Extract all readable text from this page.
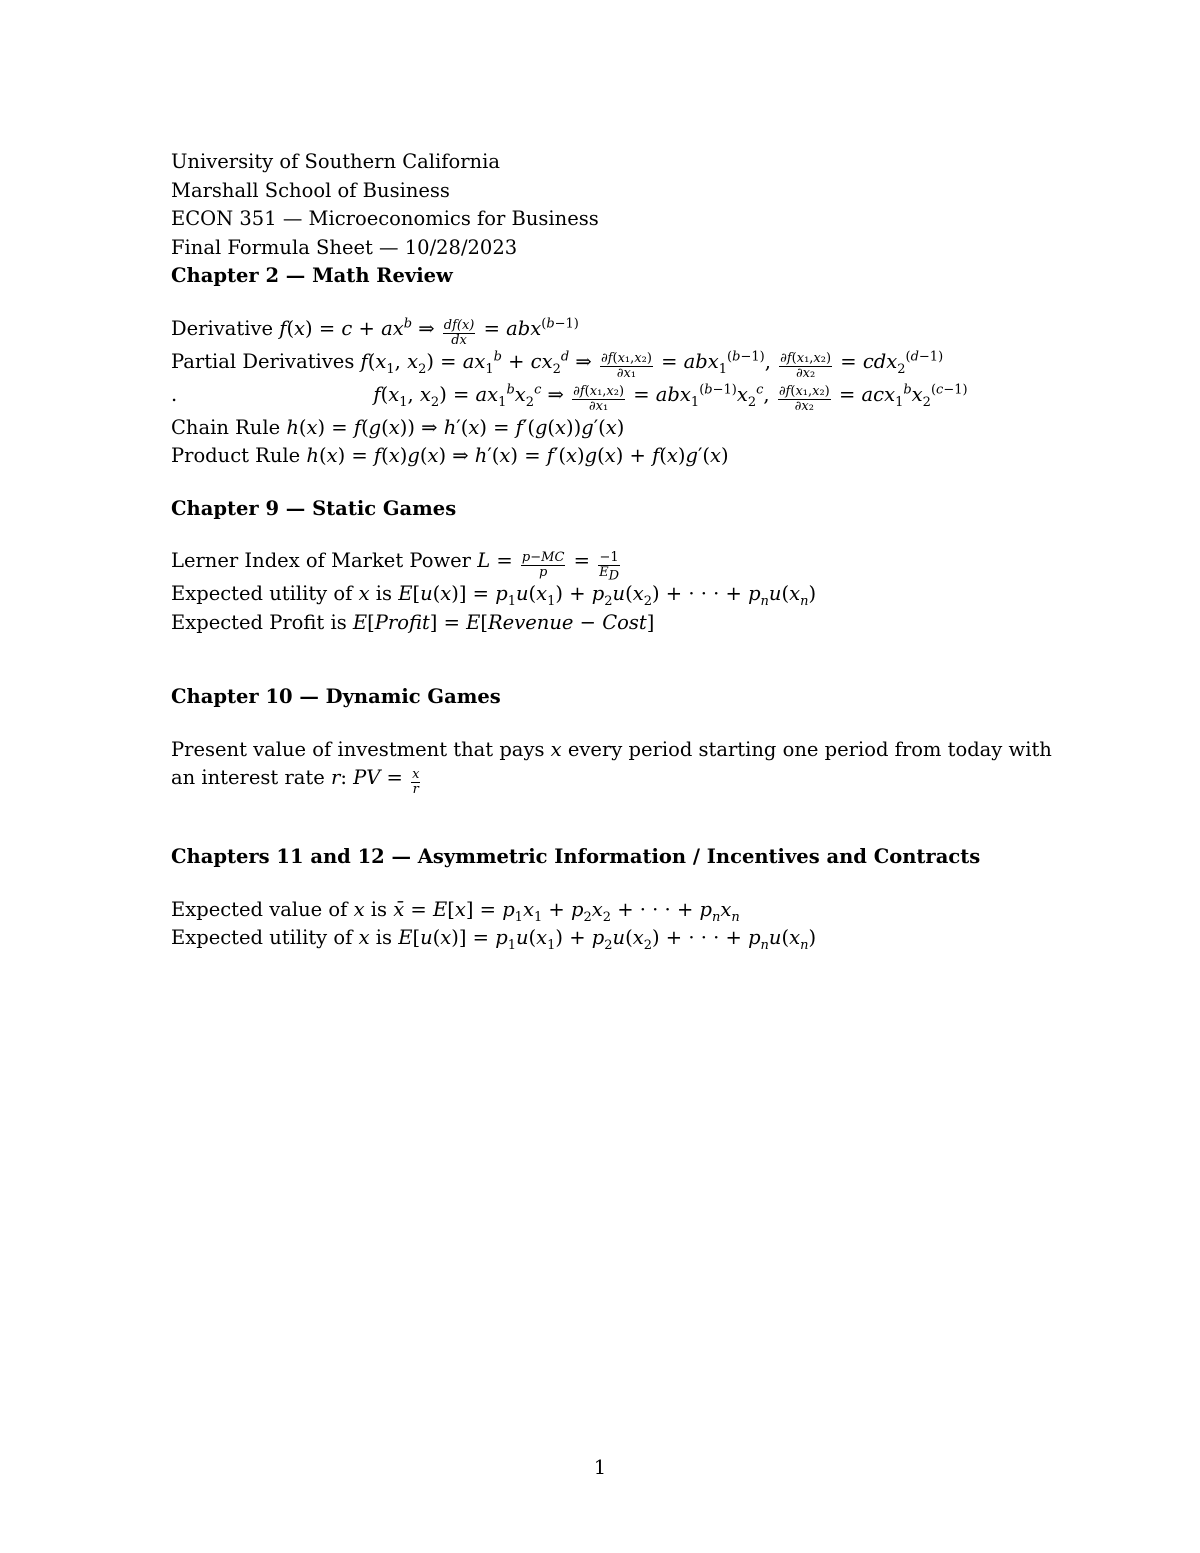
University of Southern California
Marshall School of Business
ECON 351 — Microeconomics for Business
Final Formula Sheet — 10/28/2023
Chapter 2 — Math Review
Derivative $f(x) = c + ax^b$ ⇒ $\frac{df(x)}{dx} = abx^{(b-1)}$
Partial Derivatives $f(x_1$, $x_2) = ax_1^b + cx_2^d$ ⇒ $\frac{\text{∂f(x₁,x₂)}}{\text{∂x₁}} = abx_1^{(b-1)}$, $\frac{\text{∂f(x₁,x₂)}}{\text{∂x₂}} = cdx_2^{(d-1)}$
.	$f(x_1$, $x_2) = ax_1^bx_2^c$ ⇒ $\frac{\text{∂f(x₁,x₂)}}{\text{∂x₁}} = abx_1^{(b-1)}x_2^c$, $\frac{\text{∂f(x₁,x₂)}}{\text{∂x₂}} = acx_1^bx_2^{(c-1)}$
Chain Rule h(x) = f(g(x)) ⇒ h′(x) = f′(g(x))g′(x)
Product Rule h(x) = f(x)g(x) ⇒ h′(x) = f′(x)g(x) + f(x)g′(x)
Chapter 9 — Static Games
Lerner Index of Market Power $L = \frac{p-MC}{p} = \frac{-1}{E_D}$
Expected utility of x is $E[u(x)] = p_1u(x_1) + p_2u(x_2)$ + · · · + $p_nu(x_n)$
Expected Profit is E[Profit] = E[Revenue − Cost]
Chapter 10 — Dynamic Games
Present value of investment that pays x every period starting one period from today with
an interest rate r: PV = $\frac{x}{r}$
Chapters 11 and 12 — Asymmetric Information / Incentives and Contracts
Expected value of x is x̄ = $E[x] = p_1x_1 + p_2x_2$ + · · · + $p_nx_n$
Expected utility of x is $E[u(x)] = p_1u(x_1) + p_2u(x_2)$ + · · · + $p_nu(x_n)$
1
